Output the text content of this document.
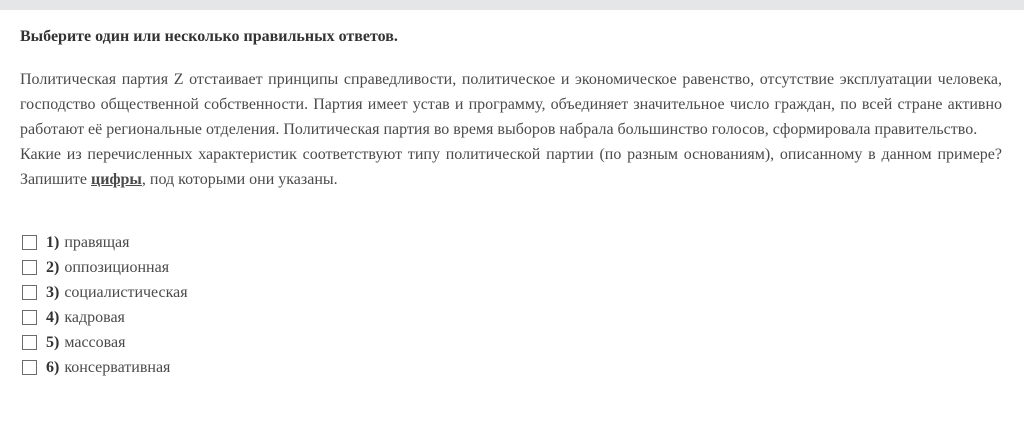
Выберите один или несколько правильных ответов.

Политическая партия Z отстаивает принципы справедливости, политическое и экономическое равенство, отсутствие эксплуатации человека, господство общественной собственности. Партия имеет устав и программу, объединяет значительное число граждан, по всей стране активно работают её региональные отделения. Политическая партия во время выборов набрала большинство голосов, сформировала правительство.

Какие из перечисленных характеристик соответствуют типу политической партии (по разным основаниям), описанному в данном примере? Запишите цифры, под которыми они указаны.

1) правящая
2) оппозиционная
3) социалистическая
4) кадровая
5) массовая
6) консервативная
